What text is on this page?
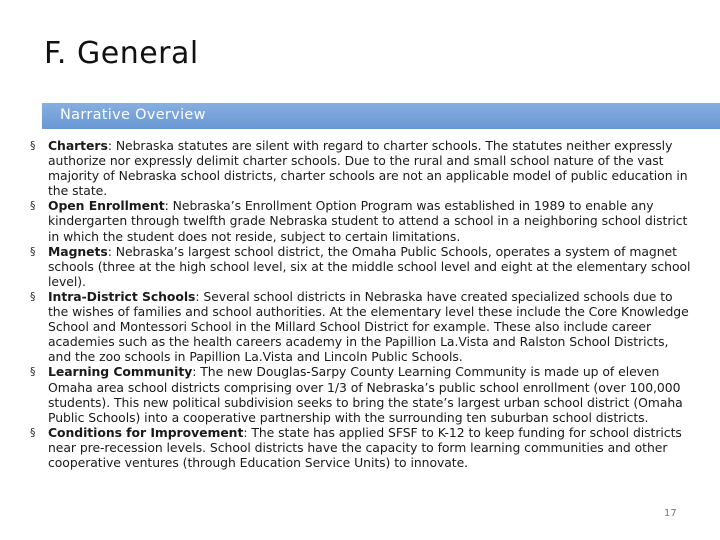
F. General
Narrative Overview
§ Charters: Nebraska statutes are silent with regard to charter schools. The statutes neither expressly authorize nor expressly delimit charter schools. Due to the rural and small school nature of the vast majority of Nebraska school districts, charter schools are not an applicable model of public education in the state.
§ Open Enrollment: Nebraska’s Enrollment Option Program was established in 1989 to enable any kindergarten through twelfth grade Nebraska student to attend a school in a neighboring school district in which the student does not reside, subject to certain limitations.
§ Magnets: Nebraska’s largest school district, the Omaha Public Schools, operates a system of magnet schools (three at the high school level, six at the middle school level and eight at the elementary school level).
§ Intra-District Schools: Several school districts in Nebraska have created specialized schools due to the wishes of families and school authorities. At the elementary level these include the Core Knowledge School and Montessori School in the Millard School District for example. These also include career academies such as the health careers academy in the Papillion La.Vista and Ralston School Districts, and the zoo schools in Papillion La.Vista and Lincoln Public Schools.
§ Learning Community: The new Douglas-Sarpy County Learning Community is made up of eleven Omaha area school districts comprising over 1/3 of Nebraska’s public school enrollment (over 100,000 students). This new political subdivision seeks to bring the state’s largest urban school district (Omaha Public Schools) into a cooperative partnership with the surrounding ten suburban school districts.
§ Conditions for Improvement: The state has applied SFSF to K-12 to keep funding for school districts near pre-recession levels. School districts have the capacity to form learning communities and other cooperative ventures (through Education Service Units) to innovate.
17
